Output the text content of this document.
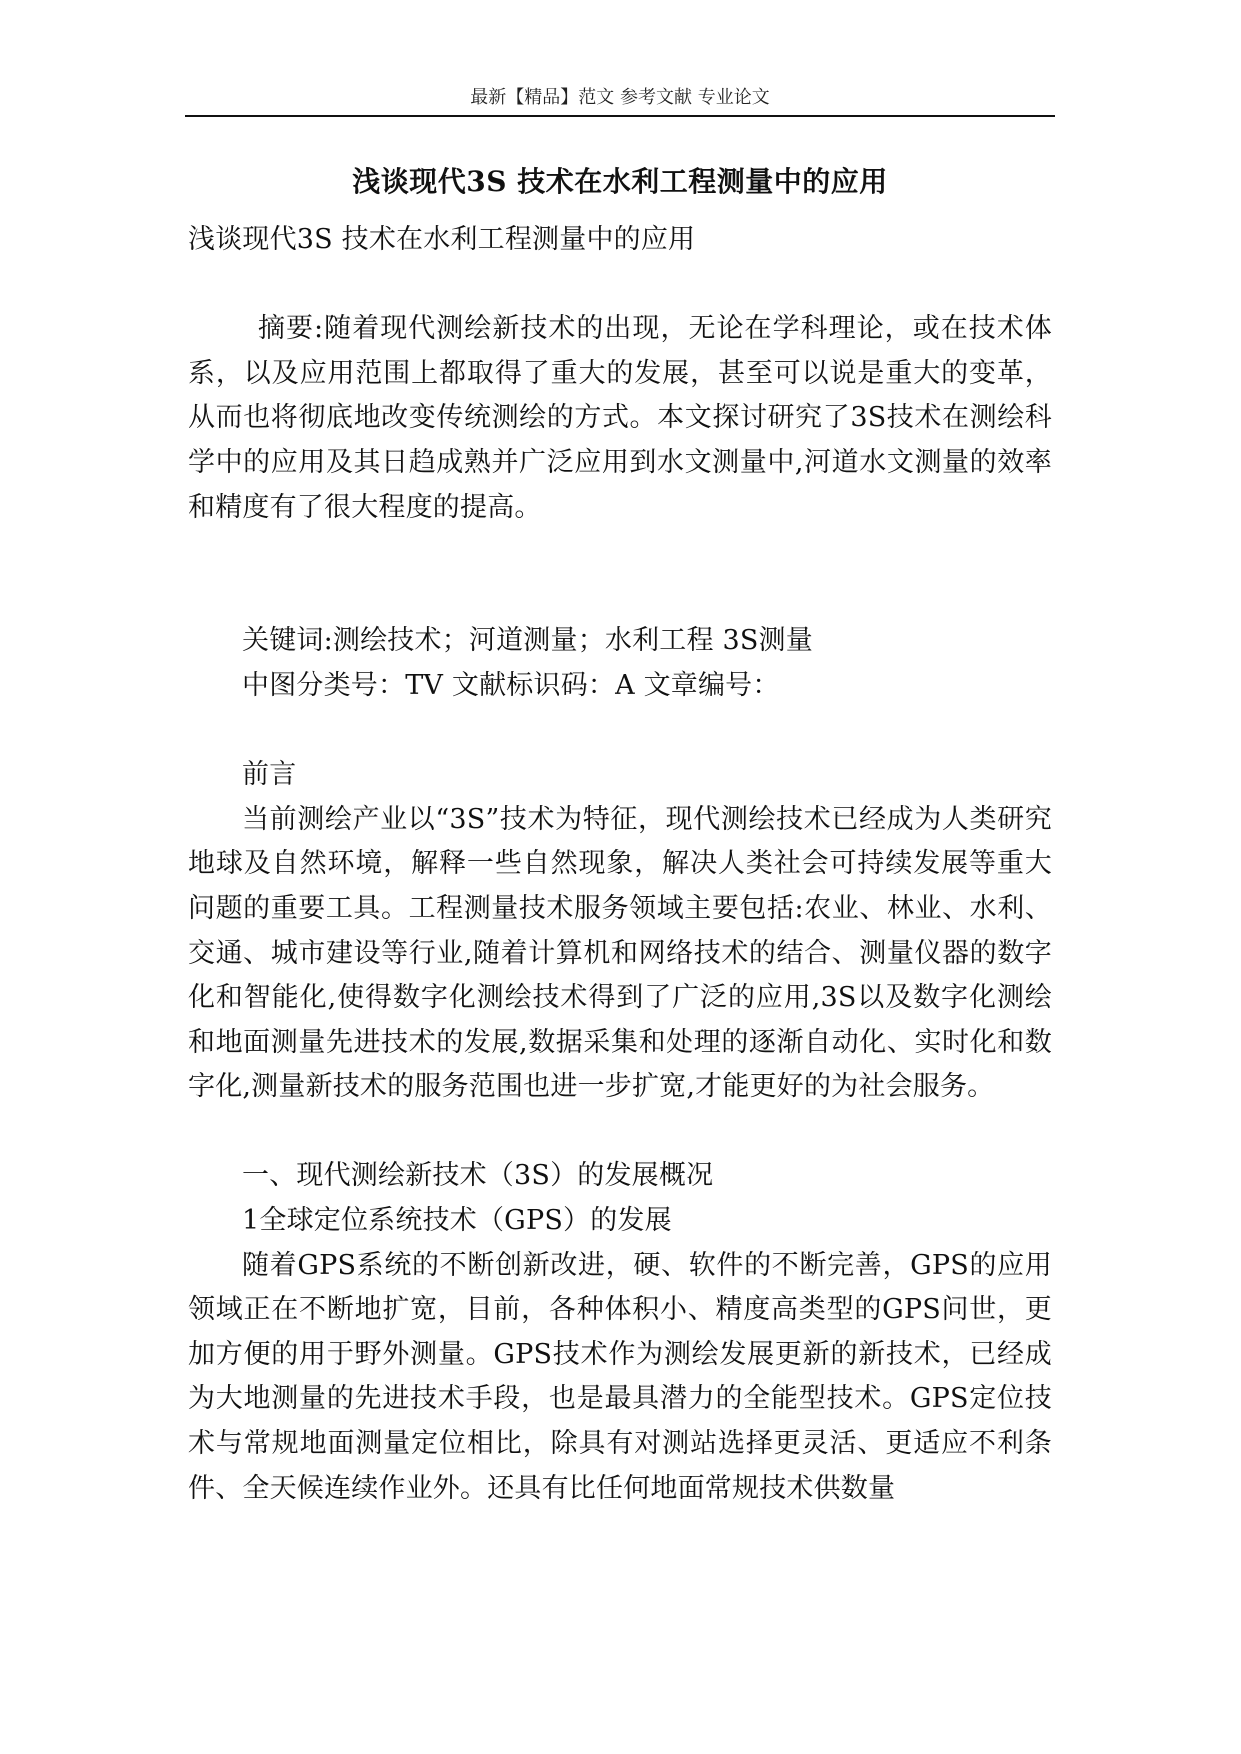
最新【精品】范文 参考文献 专业论文
浅谈现代3S 技术在水利工程测量中的应用

浅谈现代3S 技术在水利工程测量中的应用

摘要:随着现代测绘新技术的出现，无论在学科理论，或在技术体系，以及应用范围上都取得了重大的发展，甚至可以说是重大的变革，从而也将彻底地改变传统测绘的方式。本文探讨研究了3S技术在测绘科学中的应用及其日趋成熟并广泛应用到水文测量中,河道水文测量的效率和精度有了很大程度的提高。

关键词:测绘技术；河道测量；水利工程 3S测量

中图分类号：TV 文献标识码：A 文章编号：

前言

当前测绘产业以“3S”技术为特征，现代测绘技术已经成为人类研究地球及自然环境，解释一些自然现象，解决人类社会可持续发展等重大问题的重要工具。工程测量技术服务领域主要包括:农业、林业、水利、交通、城市建设等行业,随着计算机和网络技术的结合、测量仪器的数字化和智能化,使得数字化测绘技术得到了广泛的应用,3S以及数字化测绘和地面测量先进技术的发展,数据采集和处理的逐渐自动化、实时化和数字化,测量新技术的服务范围也进一步扩宽,才能更好的为社会服务。

一、现代测绘新技术（3S）的发展概况

1全球定位系统技术（GPS）的发展

随着GPS系统的不断创新改进，硬、软件的不断完善，GPS的应用领域正在不断地扩宽，目前，各种体积小、精度高类型的GPS问世，更加方便的用于野外测量。GPS技术作为测绘发展更新的新技术，已经成为大地测量的先进技术手段，也是最具潜力的全能型技术。GPS定位技术与常规地面测量定位相比，除具有对测站选择更灵活、更适应不利条件、全天候连续作业外。还具有比任何地面常规技术供数量
